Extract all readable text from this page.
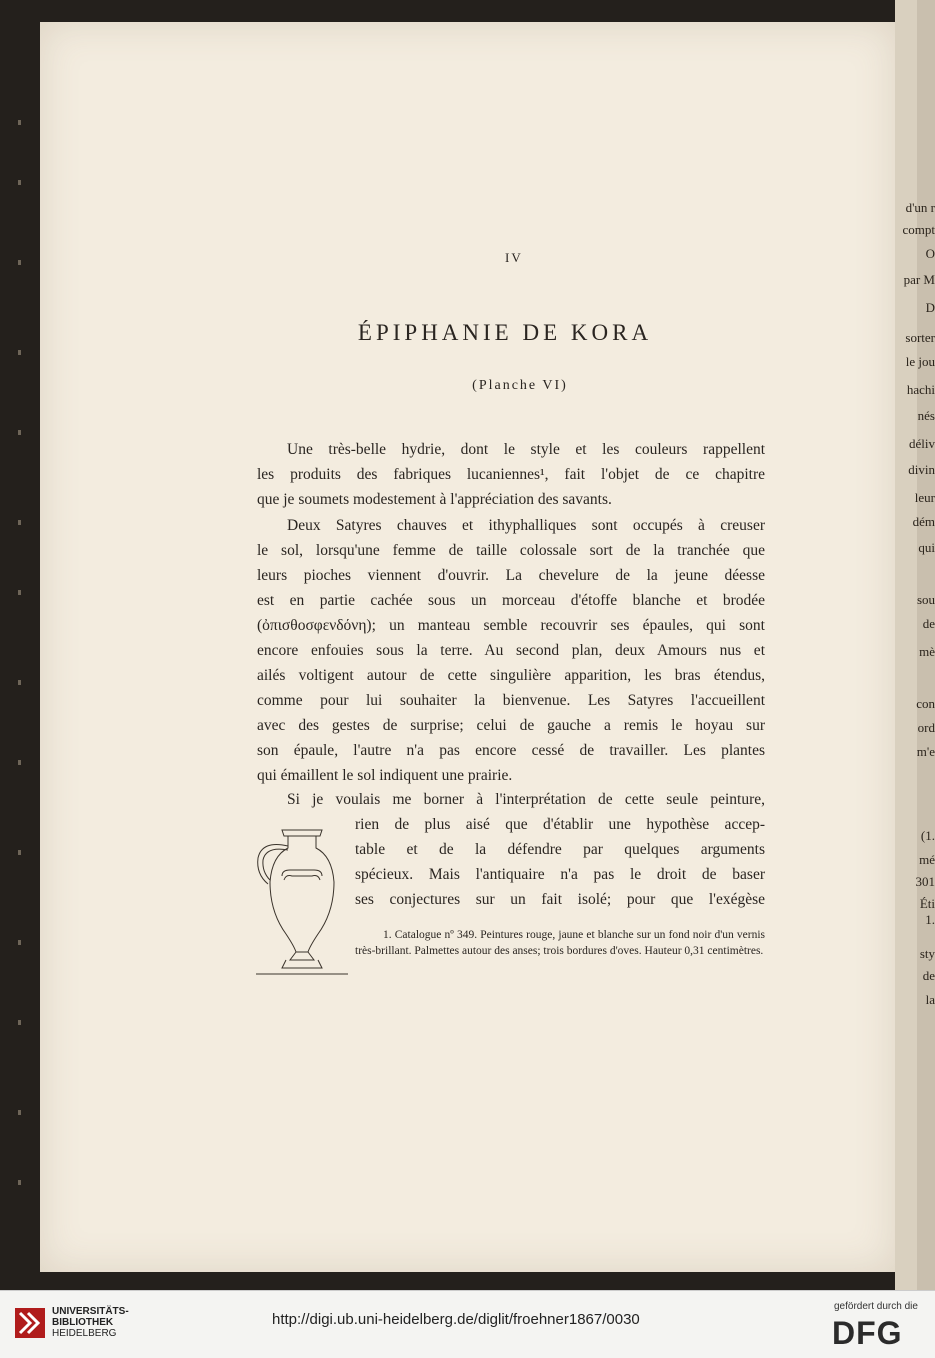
d'un r
compt
O
par M
D
sorter
le jou
hachi
nés
déliv
divin
leur
dém
qui
sou
de
mè
con
ord
m'e
(1.
mé
301
Éti
1.
sty
de
la
IV
ÉPIPHANIE DE KORA
(Planche VI)

Une très-belle hydrie, dont le style et les couleurs rappellent

les produits des fabriques lucaniennes¹, fait l'objet de ce chapitre

que je soumets modestement à l'appréciation des savants.

Deux Satyres chauves et ithyphalliques sont occupés à creuser

le sol, lorsqu'une femme de taille colossale sort de la tranchée que

leurs pioches viennent d'ouvrir. La chevelure de la jeune déesse

est en partie cachée sous un morceau d'étoffe blanche et brodée

(ὀπισθοσφενδόνη); un manteau semble recouvrir ses épaules, qui sont

encore enfouies sous la terre. Au second plan, deux Amours nus et

ailés voltigent autour de cette singulière apparition, les bras étendus,

comme pour lui souhaiter la bienvenue. Les Satyres l'accueillent

avec des gestes de surprise; celui de gauche a remis le hoyau sur

son épaule, l'autre n'a pas encore cessé de travailler. Les plantes

qui émaillent le sol indiquent une prairie.

Si je voulais me borner à l'interprétation de cette seule peinture,

rien de plus aisé que d'établir une hypothèse accep-

table et de la défendre par quelques arguments

spécieux. Mais l'antiquaire n'a pas le droit de baser

ses conjectures sur un fait isolé; pour que l'exégèse

1. Catalogue nº 349. Peintures rouge, jaune et blanche sur un fond noir d'un vernis très-brillant. Palmettes autour des anses; trois bordures d'oves. Hauteur 0,31 centimètres.
UNIVERSITÄTS-
BIBLIOTHEK
HEIDELBERG
http://digi.ub.uni-heidelberg.de/diglit/froehner1867/0030
gefördert durch die
DFG
